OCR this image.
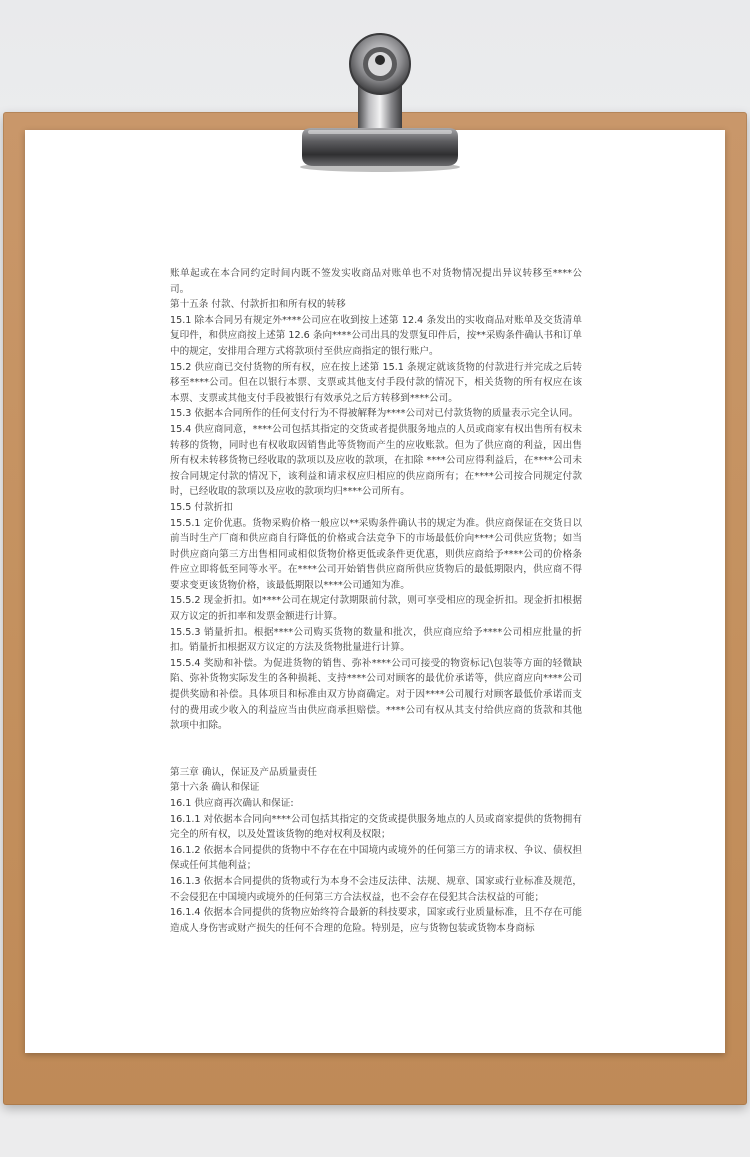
账单起或在本合同约定时间内既不签发实收商品对账单也不对货物情况提出异议转移至****公司。

第十五条 付款、付款折扣和所有权的转移

15.1 除本合同另有规定外****公司应在收到按上述第 12.4 条发出的实收商品对账单及交货清单复印件，和供应商按上述第 12.6 条向****公司出具的发票复印件后，按**采购条件确认书和订单中的规定，安排用合理方式将款项付至供应商指定的银行账户。

15.2 供应商已交付货物的所有权，应在按上述第 15.1 条规定就该货物的付款进行并完成之后转移至****公司。但在以银行本票、支票或其他支付手段付款的情况下，相关货物的所有权应在该本票、支票或其他支付手段被银行有效承兑之后方转移到****公司。

15.3 依据本合同所作的任何支付行为不得被解释为****公司对已付款货物的质量表示完全认同。

15.4 供应商同意，****公司包括其指定的交货或者提供服务地点的人员或商家有权出售所有权未转移的货物，同时也有权收取因销售此等货物而产生的应收账款。但为了供应商的利益，因出售所有权未转移货物已经收取的款项以及应收的款项，在扣除 ****公司应得利益后，在****公司未按合同规定付款的情况下，该利益和请求权应归相应的供应商所有；在****公司按合同规定付款时，已经收取的款项以及应收的款项均归****公司所有。

15.5 付款折扣

15.5.1 定价优惠。货物采购价格一般应以**采购条件确认书的规定为准。供应商保证在交货日以前当时生产厂商和供应商自行降低的价格或合法竞争下的市场最低价向****公司供应货物；如当时供应商向第三方出售相同或相似货物价格更低或条件更优惠，则供应商给予****公司的价格条件应立即将低至同等水平。在****公司开始销售供应商所供应货物后的最低期限内，供应商不得要求变更该货物价格，该最低期限以****公司通知为准。

15.5.2 现金折扣。如****公司在规定付款期限前付款，则可享受相应的现金折扣。现金折扣根据双方议定的折扣率和发票金额进行计算。

15.5.3 销量折扣。根据****公司购买货物的数量和批次，供应商应给予****公司相应批量的折扣。销量折扣根据双方议定的方法及货物批量进行计算。

15.5.4 奖励和补偿。为促进货物的销售、弥补****公司可接受的物资标记\包装等方面的轻微缺陷、弥补货物实际发生的各种损耗、支持****公司对顾客的最优价承诺等，供应商应向****公司提供奖励和补偿。具体项目和标准由双方协商确定。对于因****公司履行对顾客最低价承诺而支付的费用或少收入的利益应当由供应商承担赔偿。****公司有权从其支付给供应商的货款和其他款项中扣除。

第三章 确认，保证及产品质量责任

第十六条 确认和保证

16.1 供应商再次确认和保证:

16.1.1 对依据本合同向****公司包括其指定的交货或提供服务地点的人员或商家提供的货物拥有完全的所有权，以及处置该货物的绝对权利及权限；

16.1.2 依据本合同提供的货物中不存在在中国境内或境外的任何第三方的请求权、争议、债权担保或任何其他利益；

16.1.3 依据本合同提供的货物或行为本身不会违反法律、法规、规章、国家或行业标准及规范，不会侵犯在中国境内或境外的任何第三方合法权益，也不会存在侵犯其合法权益的可能；

16.1.4 依据本合同提供的货物应始终符合最新的科技要求，国家或行业质量标准，且不存在可能造成人身伤害或财产损失的任何不合理的危险。特别是，应与货物包装或货物本身商标
